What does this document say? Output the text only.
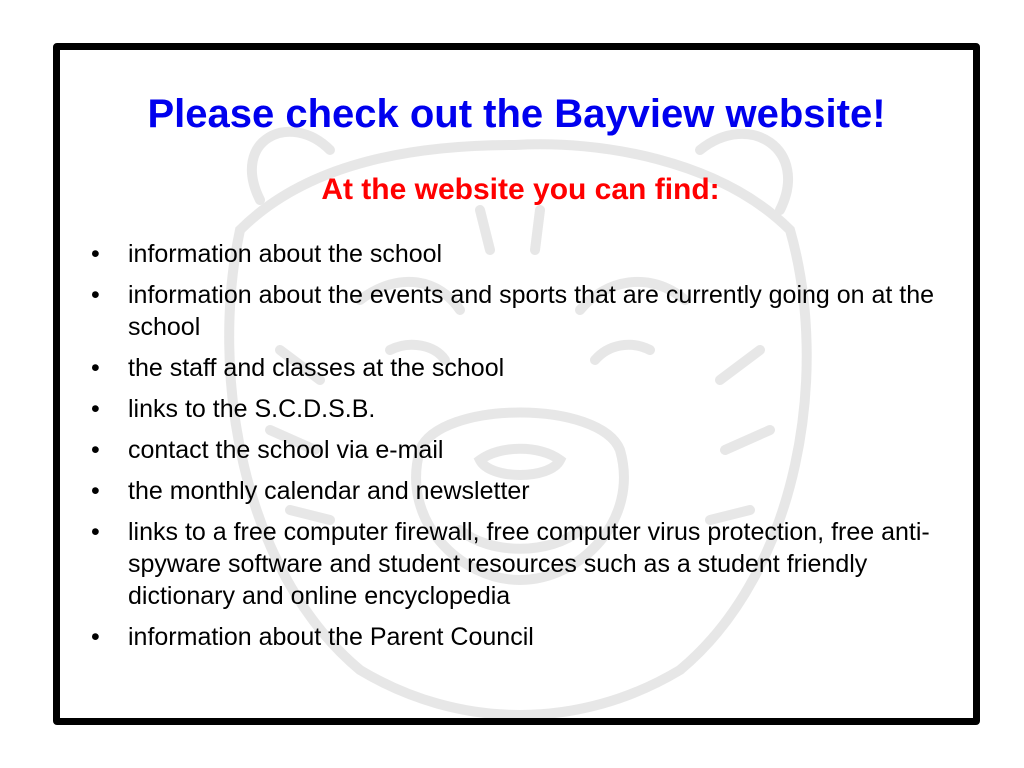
Please check out the Bayview website!
At the website you can find:
•	information about the school
•	information about the events and sports that are currently going on at the school
•	the staff and classes at the school
•	links to the S.C.D.S.B.
•	contact the school via e-mail
•	the monthly calendar and newsletter
•	links to a free computer firewall, free computer virus protection, free anti-spyware software and student resources such as a student friendly dictionary and online encyclopedia
•	information about the Parent Council
